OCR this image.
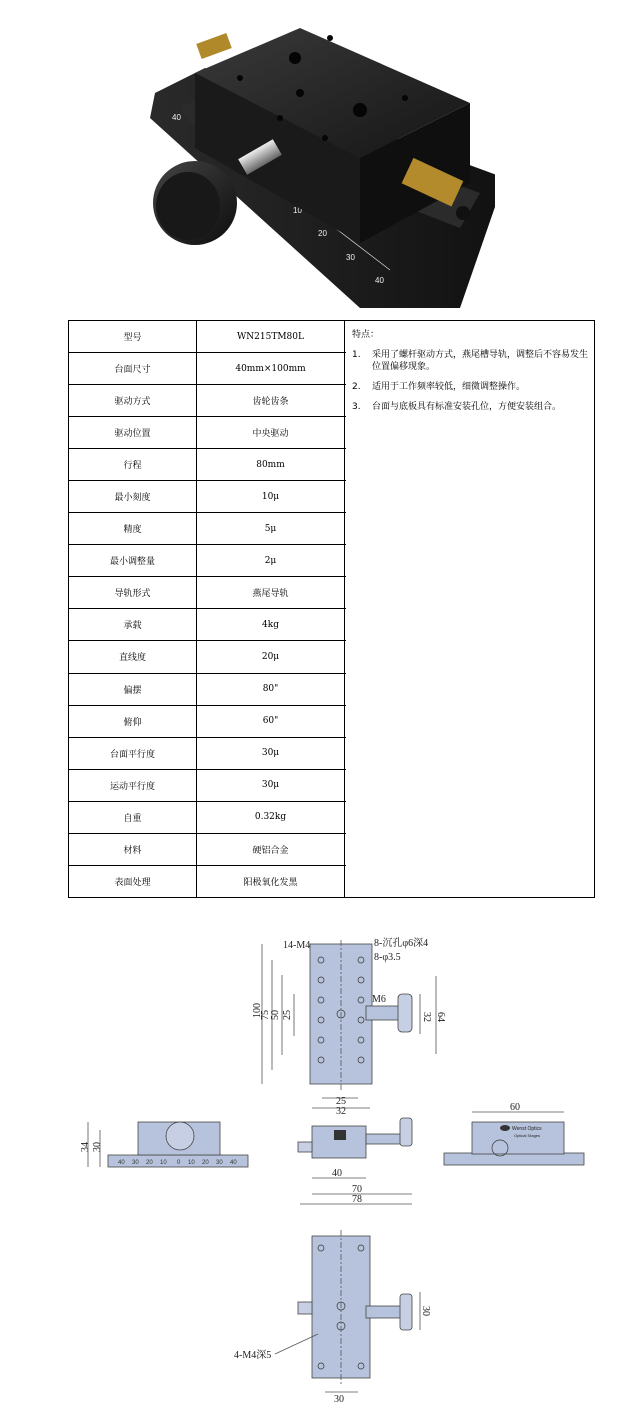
10
20
30
40
40
型号	WN215TM80L
台面尺寸	40mm×100mm
驱动方式	齿轮齿条
驱动位置	中央驱动
行程	80mm
最小刻度	10μ
精度	5μ
最小调整量	2μ
导轨形式	燕尾导轨
承载	4kg
直线度	20μ
偏摆	80"
俯仰	60"
台面平行度	30μ
运动平行度	30μ
自重	0.32kg
材料	硬铝合金
表面处理	阳极氧化发黑
特点：
1.	采用了螺杆驱动方式，燕尾槽导轨，调整后不容易发生位置偏移现象。
2.	适用于工作频率较低，细微调整操作。
3.	台面与底板具有标准安装孔位，方便安装组合。
14-M4	8-沉孔φ6深4
8-φ3.5
M6
100
75 50 25	32 64
25
32
34 30
40 30 20 10 0 10 20 30 40
40
70
78
60
Wenst Optics
Optical Stages
4-M4深5
30
30
